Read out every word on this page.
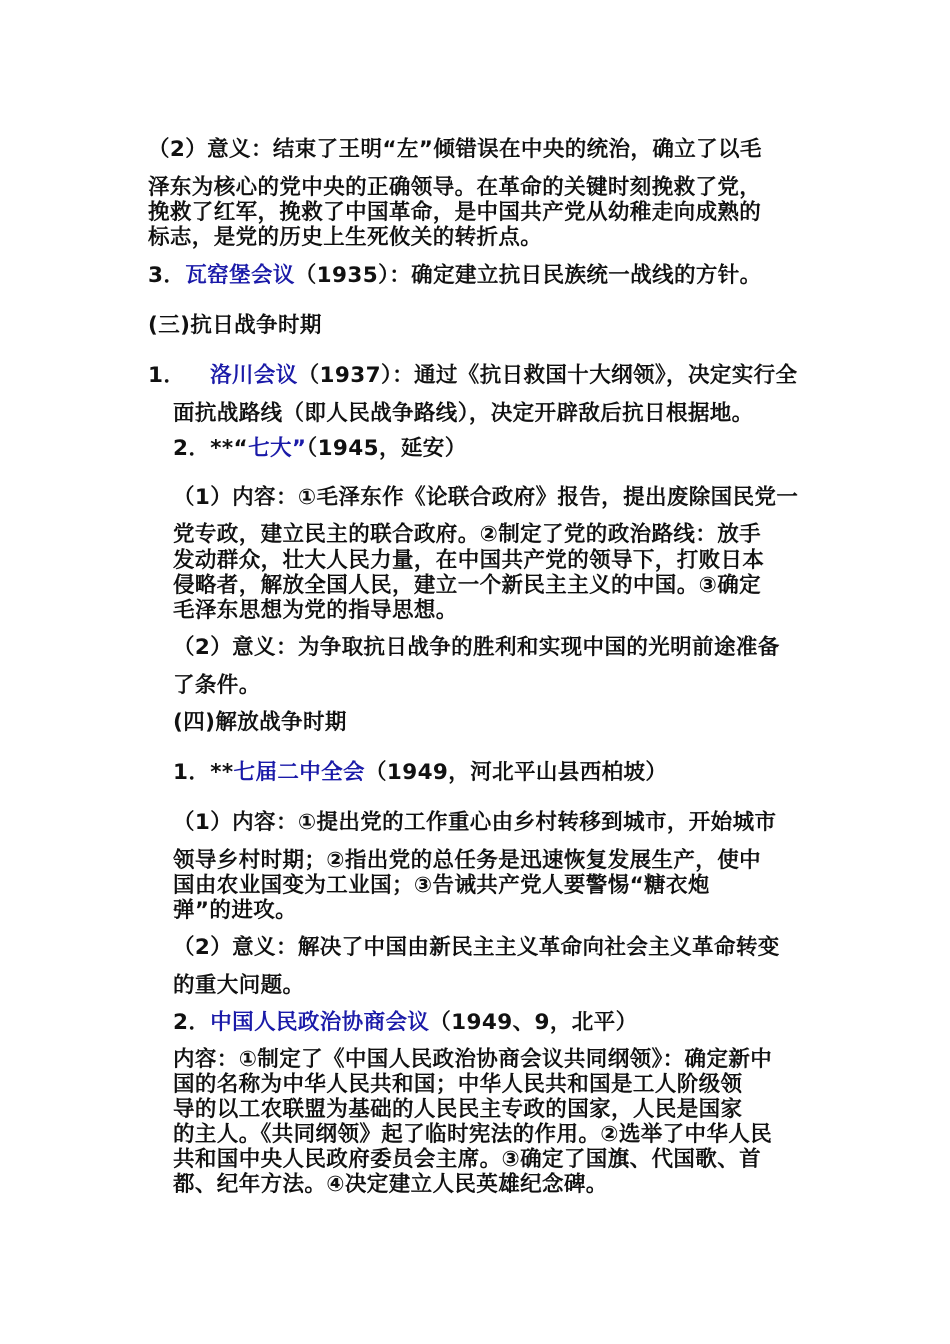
（2）意义：结束了王明“左”倾错误在中央的统治，确立了以毛
泽东为核心的党中央的正确领导。在革命的关键时刻挽救了党，
挽救了红军，挽救了中国革命，是中国共产党从幼稚走向成熟的
标志，是党的历史上生死攸关的转折点。
3．瓦窑堡会议（1935）：确定建立抗日民族统一战线的方针。
(三)抗日战争时期
1． 洛川会议（1937）：通过《抗日救国十大纲领》，决定实行全
面抗战路线（即人民战争路线），决定开辟敌后抗日根据地。
2．**“七大”（1945，延安）
（1）内容：①毛泽东作《论联合政府》报告，提出废除国民党一
党专政，建立民主的联合政府。②制定了党的政治路线：放手
发动群众，壮大人民力量，在中国共产党的领导下，打败日本
侵略者，解放全国人民，建立一个新民主主义的中国。③确定
毛泽东思想为党的指导思想。
（2）意义：为争取抗日战争的胜利和实现中国的光明前途准备
了条件。
(四)解放战争时期
1．**七届二中全会（1949，河北平山县西柏坡）
（1）内容：①提出党的工作重心由乡村转移到城市，开始城市
领导乡村时期；②指出党的总任务是迅速恢复发展生产，使中
国由农业国变为工业国；③告诫共产党人要警惕“糖衣炮
弹”的进攻。
（2）意义：解决了中国由新民主主义革命向社会主义革命转变
的重大问题。
2．中国人民政治协商会议（1949、9，北平）
内容：①制定了《中国人民政治协商会议共同纲领》：确定新中
国的名称为中华人民共和国；中华人民共和国是工人阶级领
导的以工农联盟为基础的人民民主专政的国家，人民是国家
的主人。《共同纲领》起了临时宪法的作用。②选举了中华人民
共和国中央人民政府委员会主席。③确定了国旗、代国歌、首
都、纪年方法。④决定建立人民英雄纪念碑。
